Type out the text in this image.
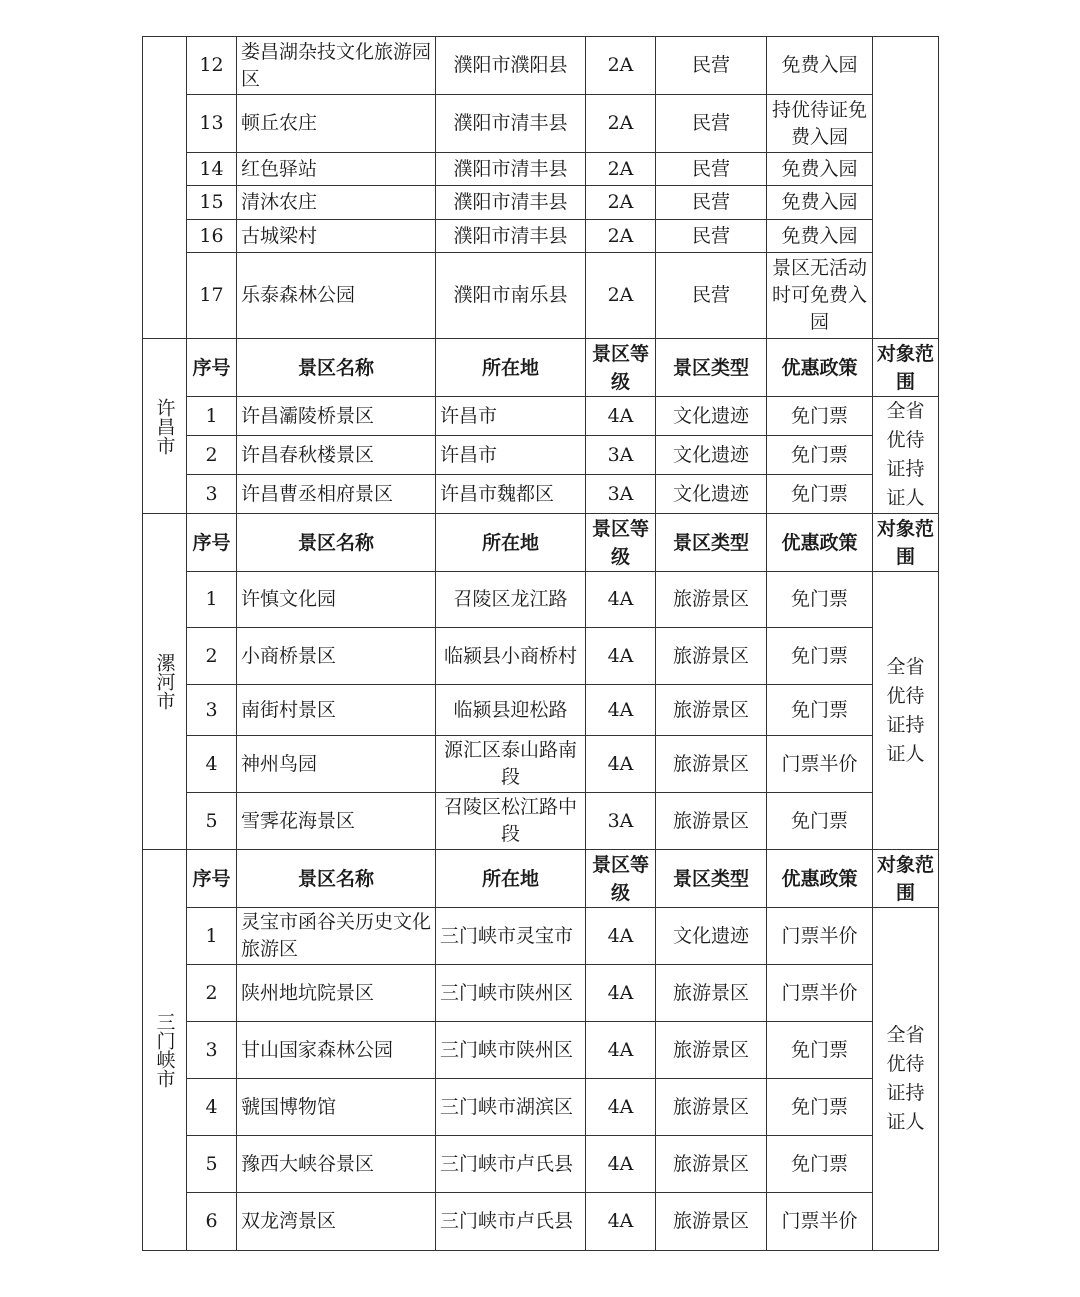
	12	娄昌湖杂技文化旅游园区	濮阳市濮阳县	2A	民营	免费入园	
	13	顿丘农庄	濮阳市清丰县	2A	民营	持优待证免费入园	
	14	红色驿站	濮阳市清丰县	2A	民营	免费入园	
	15	清沐农庄	濮阳市清丰县	2A	民营	免费入园	
	16	古城梁村	濮阳市清丰县	2A	民营	免费入园	
	17	乐泰森林公园	濮阳市南乐县	2A	民营	景区无活动时可免费入园	
许昌市	序号	景区名称	所在地	景区等级	景区类型	优惠政策	对象范围
	1	许昌灞陵桥景区	许昌市	4A	文化遗迹	免门票	全省优待证持证人
	2	许昌春秋楼景区	许昌市	3A	文化遗迹	免门票	
	3	许昌曹丞相府景区	许昌市魏都区	3A	文化遗迹	免门票	
漯河市	序号	景区名称	所在地	景区等级	景区类型	优惠政策	对象范围
	1	许慎文化园	召陵区龙江路	4A	旅游景区	免门票	全省优待证持证人
	2	小商桥景区	临颍县小商桥村	4A	旅游景区	免门票	
	3	南街村景区	临颍县迎松路	4A	旅游景区	免门票	
	4	神州鸟园	源汇区泰山路南段	4A	旅游景区	门票半价	
	5	雪霁花海景区	召陵区松江路中段	3A	旅游景区	免门票	
三门峡市	序号	景区名称	所在地	景区等级	景区类型	优惠政策	对象范围
	1	灵宝市函谷关历史文化旅游区	三门峡市灵宝市	4A	文化遗迹	门票半价	全省优待证持证人
	2	陕州地坑院景区	三门峡市陕州区	4A	旅游景区	门票半价	
	3	甘山国家森林公园	三门峡市陕州区	4A	旅游景区	免门票	
	4	虢国博物馆	三门峡市湖滨区	4A	旅游景区	免门票	
	5	豫西大峡谷景区	三门峡市卢氏县	4A	旅游景区	免门票	
	6	双龙湾景区	三门峡市卢氏县	4A	旅游景区	门票半价	
